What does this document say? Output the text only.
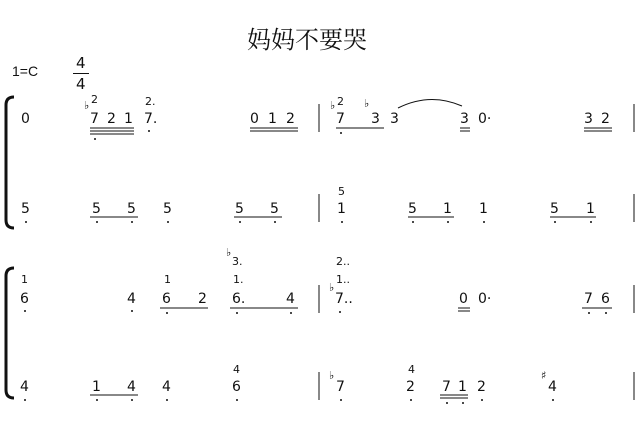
妈妈不要哭
1=C	4
4
0
♭ 2
7 2 1
2.
7.	0 1 2
♭ 2
7
♭
3 3	3 0·	3 2
5	5 5 5	5 5
5
1	5 1 1	5 1
♭
3.
1
6	4
1
6 2
1.
6.	4
2..
♭
1..
7..	0 0·	7 6
4	1 4 4
4
6
♭
7
4
2 7 1 2
♯
4
